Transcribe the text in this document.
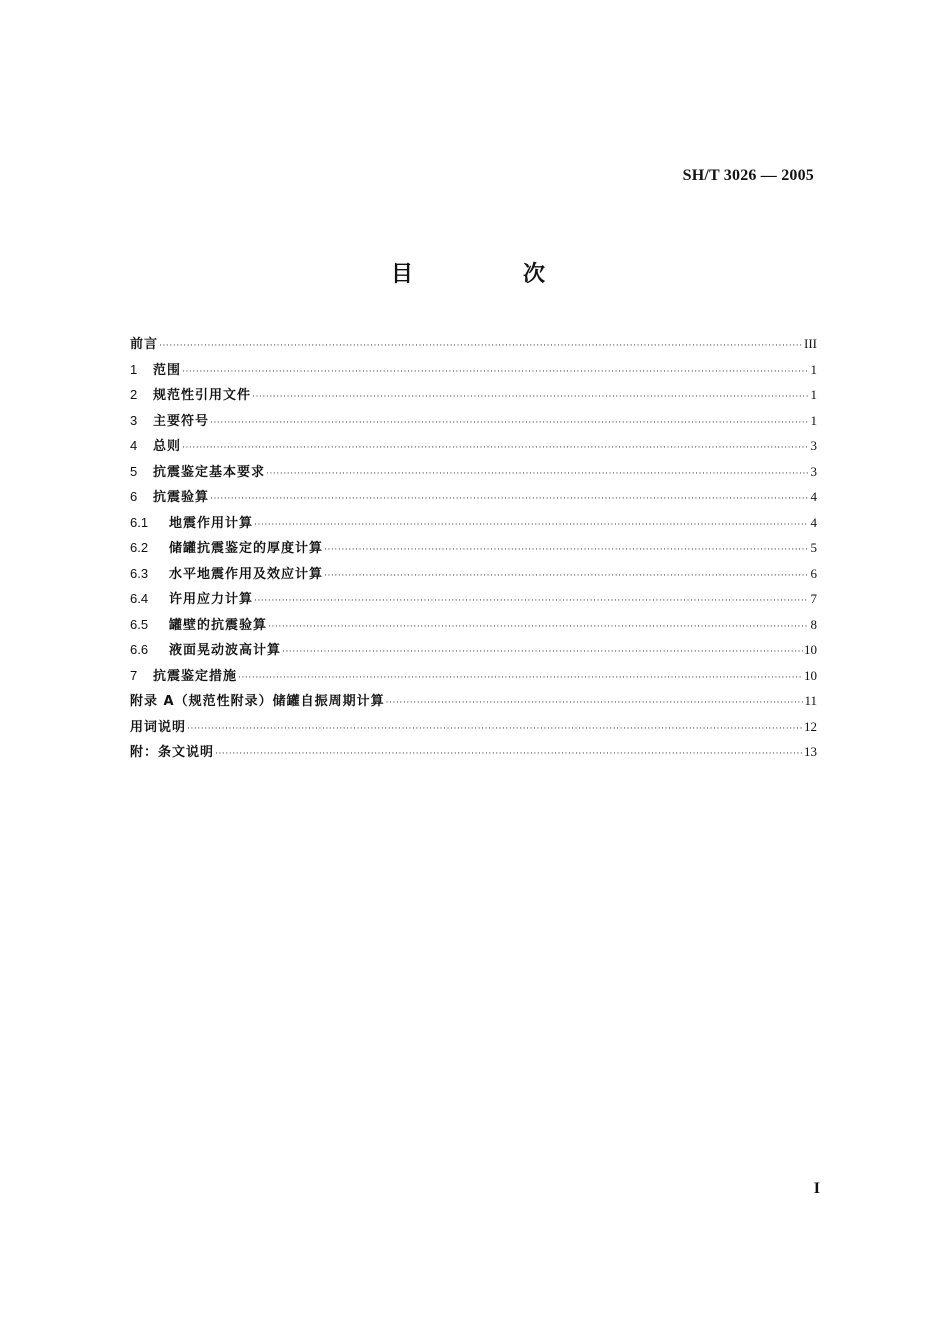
SH/T 3026 — 2005
目　次
前言 ·····	III
1	范围 ·····	1
2	规范性引用文件 ·····	1
3	主要符号 ·····	1
4	总则 ·····	3
5	抗震鉴定基本要求 ·····	3
6	抗震验算 ·····	4
6.1	地震作用计算 ·····	4
6.2	储罐抗震鉴定的厚度计算 ·····	5
6.3	水平地震作用及效应计算 ·····	6
6.4	许用应力计算 ·····	7
6.5	罐壁的抗震验算 ·····	8
6.6	液面晃动波高计算 ·····	10
7	抗震鉴定措施 ·····	10
附录 A（规范性附录）储罐自振周期计算 ·····	11
用词说明 ·····	12
附：条文说明 ·····	13
I
